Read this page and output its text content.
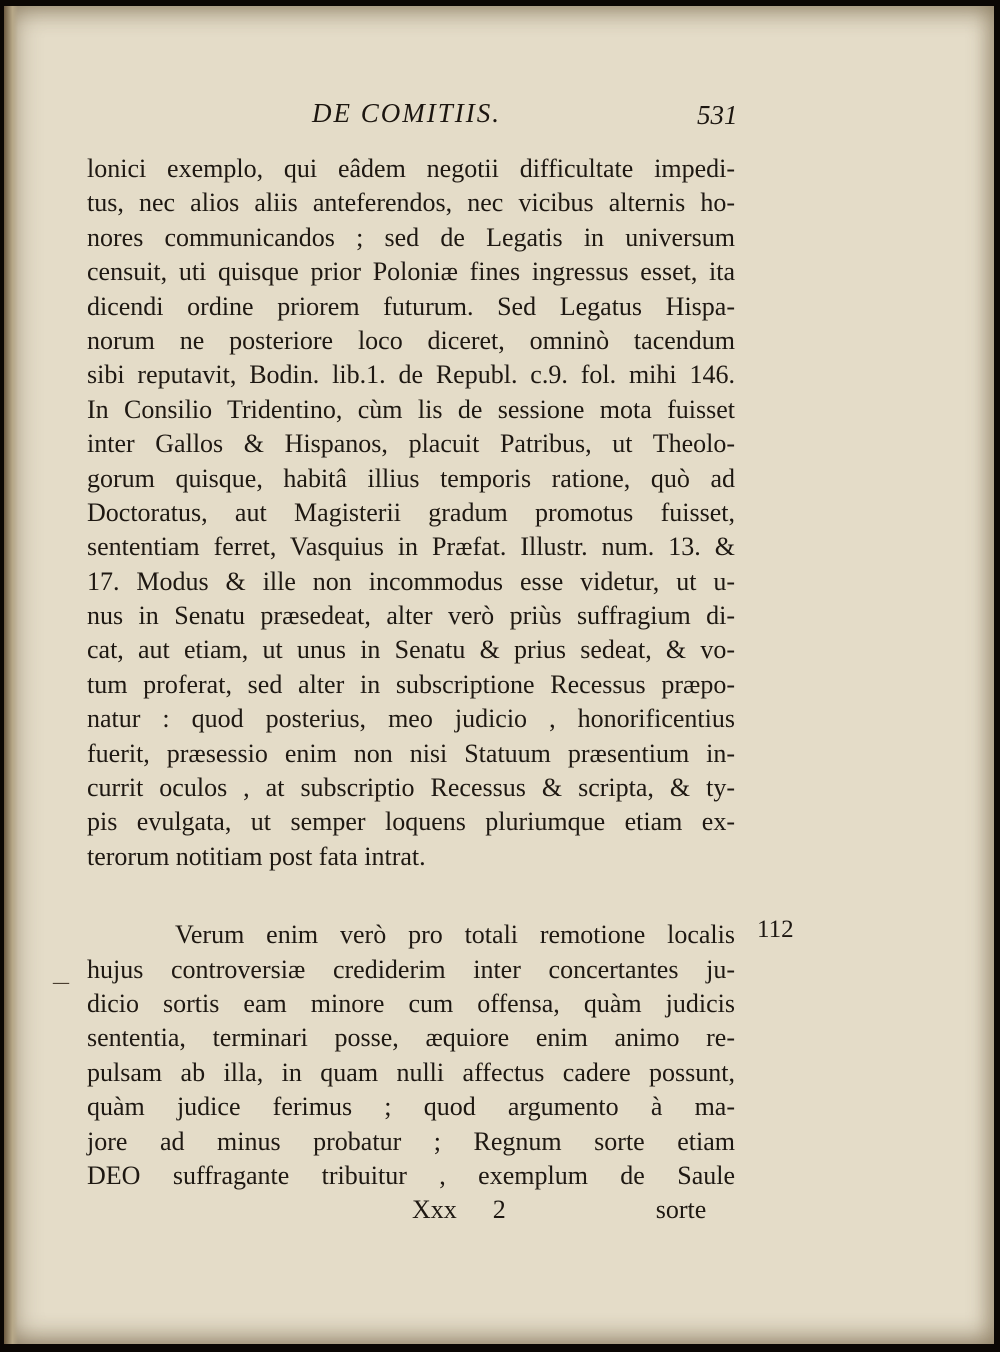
DE COMITIIS.	531
—
lonici exemplo, qui eâdem negotii difficultate impedi-
tus, nec alios aliis anteferendos, nec vicibus alternis ho-
nores communicandos ; sed de Legatis in universum
censuit, uti quisque prior Poloniæ fines ingressus esset, ita
dicendi ordine priorem futurum. Sed Legatus Hispa-
norum ne posteriore loco diceret, omninò tacendum
sibi reputavit, Bodin. lib.1. de Republ. c.9. fol. mihi 146.
In Consilio Tridentino, cùm lis de sessione mota fuisset
inter Gallos & Hispanos, placuit Patribus, ut Theolo-
gorum quisque, habitâ illius temporis ratione, quò ad
Doctoratus, aut Magisterii gradum promotus fuisset,
sententiam ferret, Vasquius in Præfat. Illustr. num. 13. &
17. Modus & ille non incommodus esse videtur, ut u-
nus in Senatu præsedeat, alter verò priùs suffragium di-
cat, aut etiam, ut unus in Senatu & prius sedeat, & vo-
tum proferat, sed alter in subscriptione Recessus præpo-
natur : quod posterius, meo judicio , honorificentius
fuerit, præsessio enim non nisi Statuum præsentium in-
currit oculos , at subscriptio Recessus & scripta, & ty-
pis evulgata, ut semper loquens pluriumque etiam ex-
terorum notitiam post fata intrat.
Verum enim verò pro totali remotione localis
hujus controversiæ crediderim inter concertantes ju-
dicio sortis eam minore cum offensa, quàm judicis
sententia, terminari posse, æquiore enim animo re-
pulsam ab illa, in quam nulli affectus cadere possunt,
quàm judice ferimus ; quod argumento à ma-
jore ad minus probatur ; Regnum sorte etiam
DEO suffragante tribuitur , exemplum de Saule
Xxx 2	sorte
112
